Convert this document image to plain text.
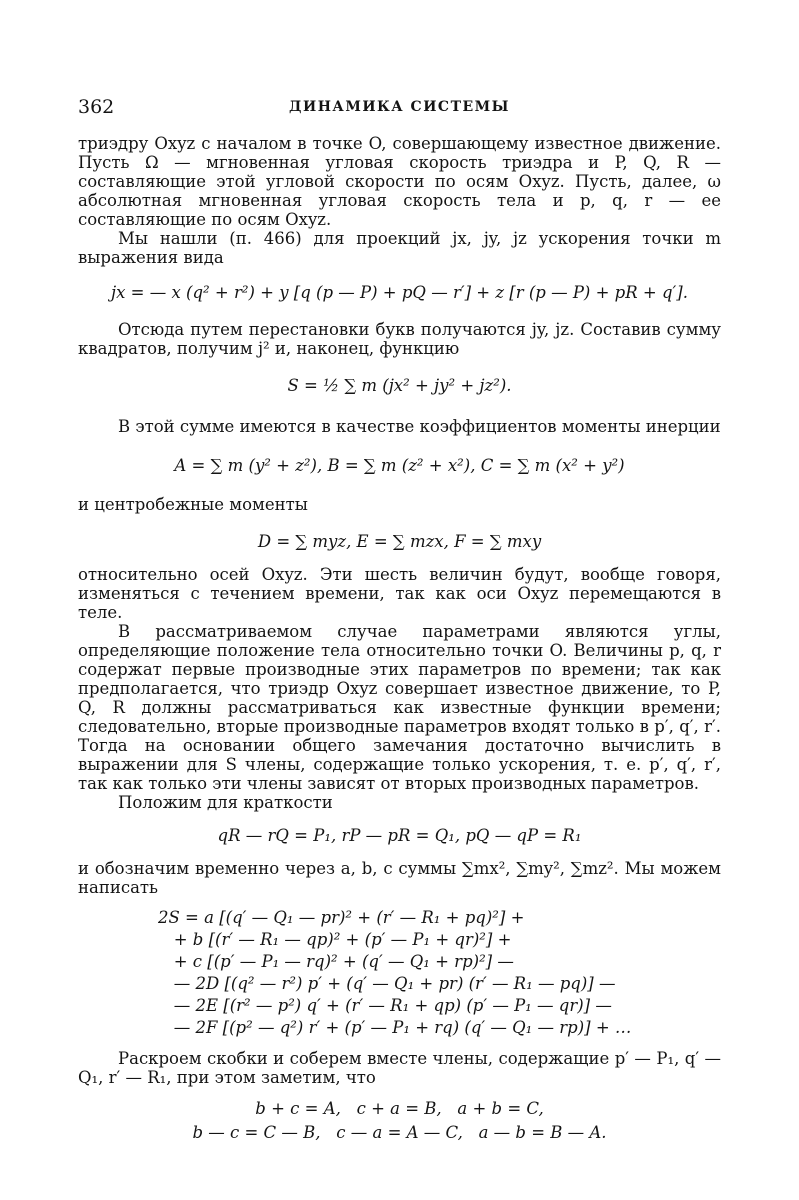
362	ДИНАМИКА СИСТЕМЫ

триэдру Oxyz с началом в точке O, совершающему известное движение. Пусть Ω — мгновенная угловая скорость триэдра и P, Q, R — составляющие этой угловой скорости по осям Oxyz. Пусть, далее, ω абсолютная мгновенная угловая скорость тела и p, q, r — ее составляющие по осям Oxyz.

Мы нашли (п. 466) для проекций jx, jy, jz ускорения точки m выражения вида

jx = — x (q² + r²) + y [q (p — P) + pQ — r′] + z [r (p — P) + pR + q′].

Отсюда путем перестановки букв получаются jy, jz. Составив сумму квадратов, получим j² и, наконец, функцию

S = ½ ∑ m (jx² + jy² + jz²).

В этой сумме имеются в качестве коэффициентов моменты инерции

A = ∑ m (y² + z²), B = ∑ m (z² + x²), C = ∑ m (x² + y²)

и центробежные моменты

D = ∑ myz, E = ∑ mzx, F = ∑ mxy

относительно осей Oxyz. Эти шесть величин будут, вообще говоря, изменяться с течением времени, так как оси Oxyz перемещаются в теле.

В рассматриваемом случае параметрами являются углы, определяющие положение тела относительно точки O. Величины p, q, r содержат первые производные этих параметров по времени; так как предполагается, что триэдр Oxyz совершает известное движение, то P, Q, R должны рассматриваться как известные функции времени; следовательно, вторые производные параметров входят только в p′, q′, r′. Тогда на основании общего замечания достаточно вычислить в выражении для S члены, содержащие только ускорения, т. е. p′, q′, r′, так как только эти члены зависят от вторых производных параметров.

Положим для краткости

qR — rQ = P₁, rP — pR = Q₁, pQ — qP = R₁

и обозначим временно через a, b, c суммы ∑mx², ∑my², ∑mz². Мы можем написать

2S = a [(q′ — Q₁ — pr)² + (r′ — R₁ + pq)²] +
+ b [(r′ — R₁ — qp)² + (p′ — P₁ + qr)²] +
+ c [(p′ — P₁ — rq)² + (q′ — Q₁ + rp)²] —
— 2D [(q² — r²) p′ + (q′ — Q₁ + pr) (r′ — R₁ — pq)] —
— 2E [(r² — p²) q′ + (r′ — R₁ + qp) (p′ — P₁ — qr)] —
— 2F [(p² — q²) r′ + (p′ — P₁ + rq) (q′ — Q₁ — rp)] + …

Раскроем скобки и соберем вместе члены, содержащие p′ — P₁, q′ — Q₁, r′ — R₁, при этом заметим, что

b + c = A,   c + a = B,   a + b = C,
b — c = C — B,   c — a = A — C,   a — b = B — A.
